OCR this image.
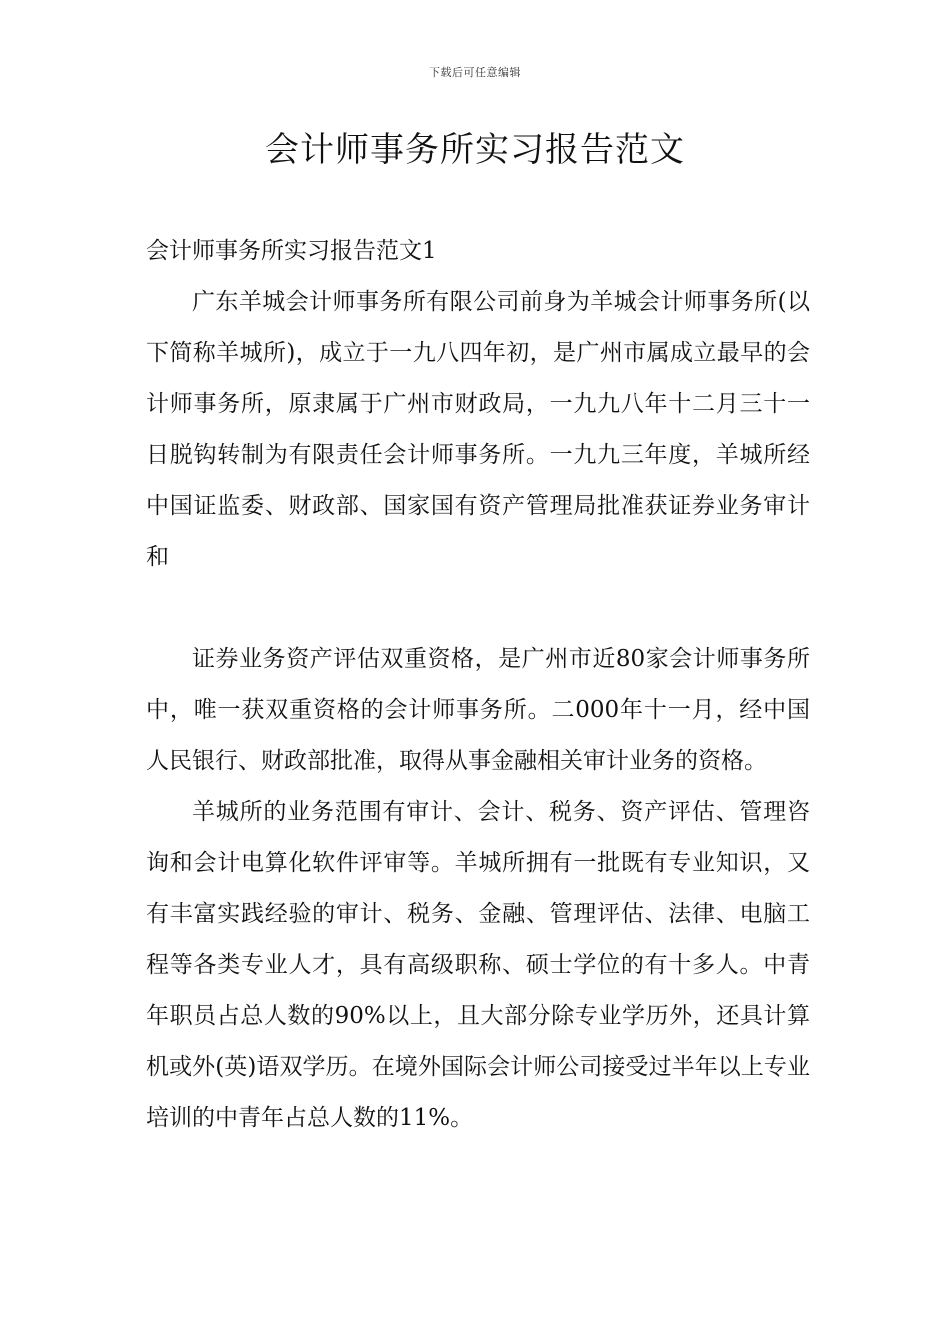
下载后可任意编辑
会计师事务所实习报告范文

会计师事务所实习报告范文1

广东羊城会计师事务所有限公司前身为羊城会计师事务所(以下简称羊城所)，成立于一九八四年初，是广州市属成立最早的会计师事务所，原隶属于广州市财政局，一九九八年十二月三十一日脱钩转制为有限责任会计师事务所。一九九三年度，羊城所经中国证监委、财政部、国家国有资产管理局批准获证券业务审计和

证券业务资产评估双重资格，是广州市近80家会计师事务所中，唯一获双重资格的会计师事务所。二000年十一月，经中国人民银行、财政部批准，取得从事金融相关审计业务的资格。

羊城所的业务范围有审计、会计、税务、资产评估、管理咨询和会计电算化软件评审等。羊城所拥有一批既有专业知识，又有丰富实践经验的审计、税务、金融、管理评估、法律、电脑工程等各类专业人才，具有高级职称、硕士学位的有十多人。中青年职员占总人数的90%以上，且大部分除专业学历外，还具计算机或外(英)语双学历。在境外国际会计师公司接受过半年以上专业培训的中青年占总人数的11%。
